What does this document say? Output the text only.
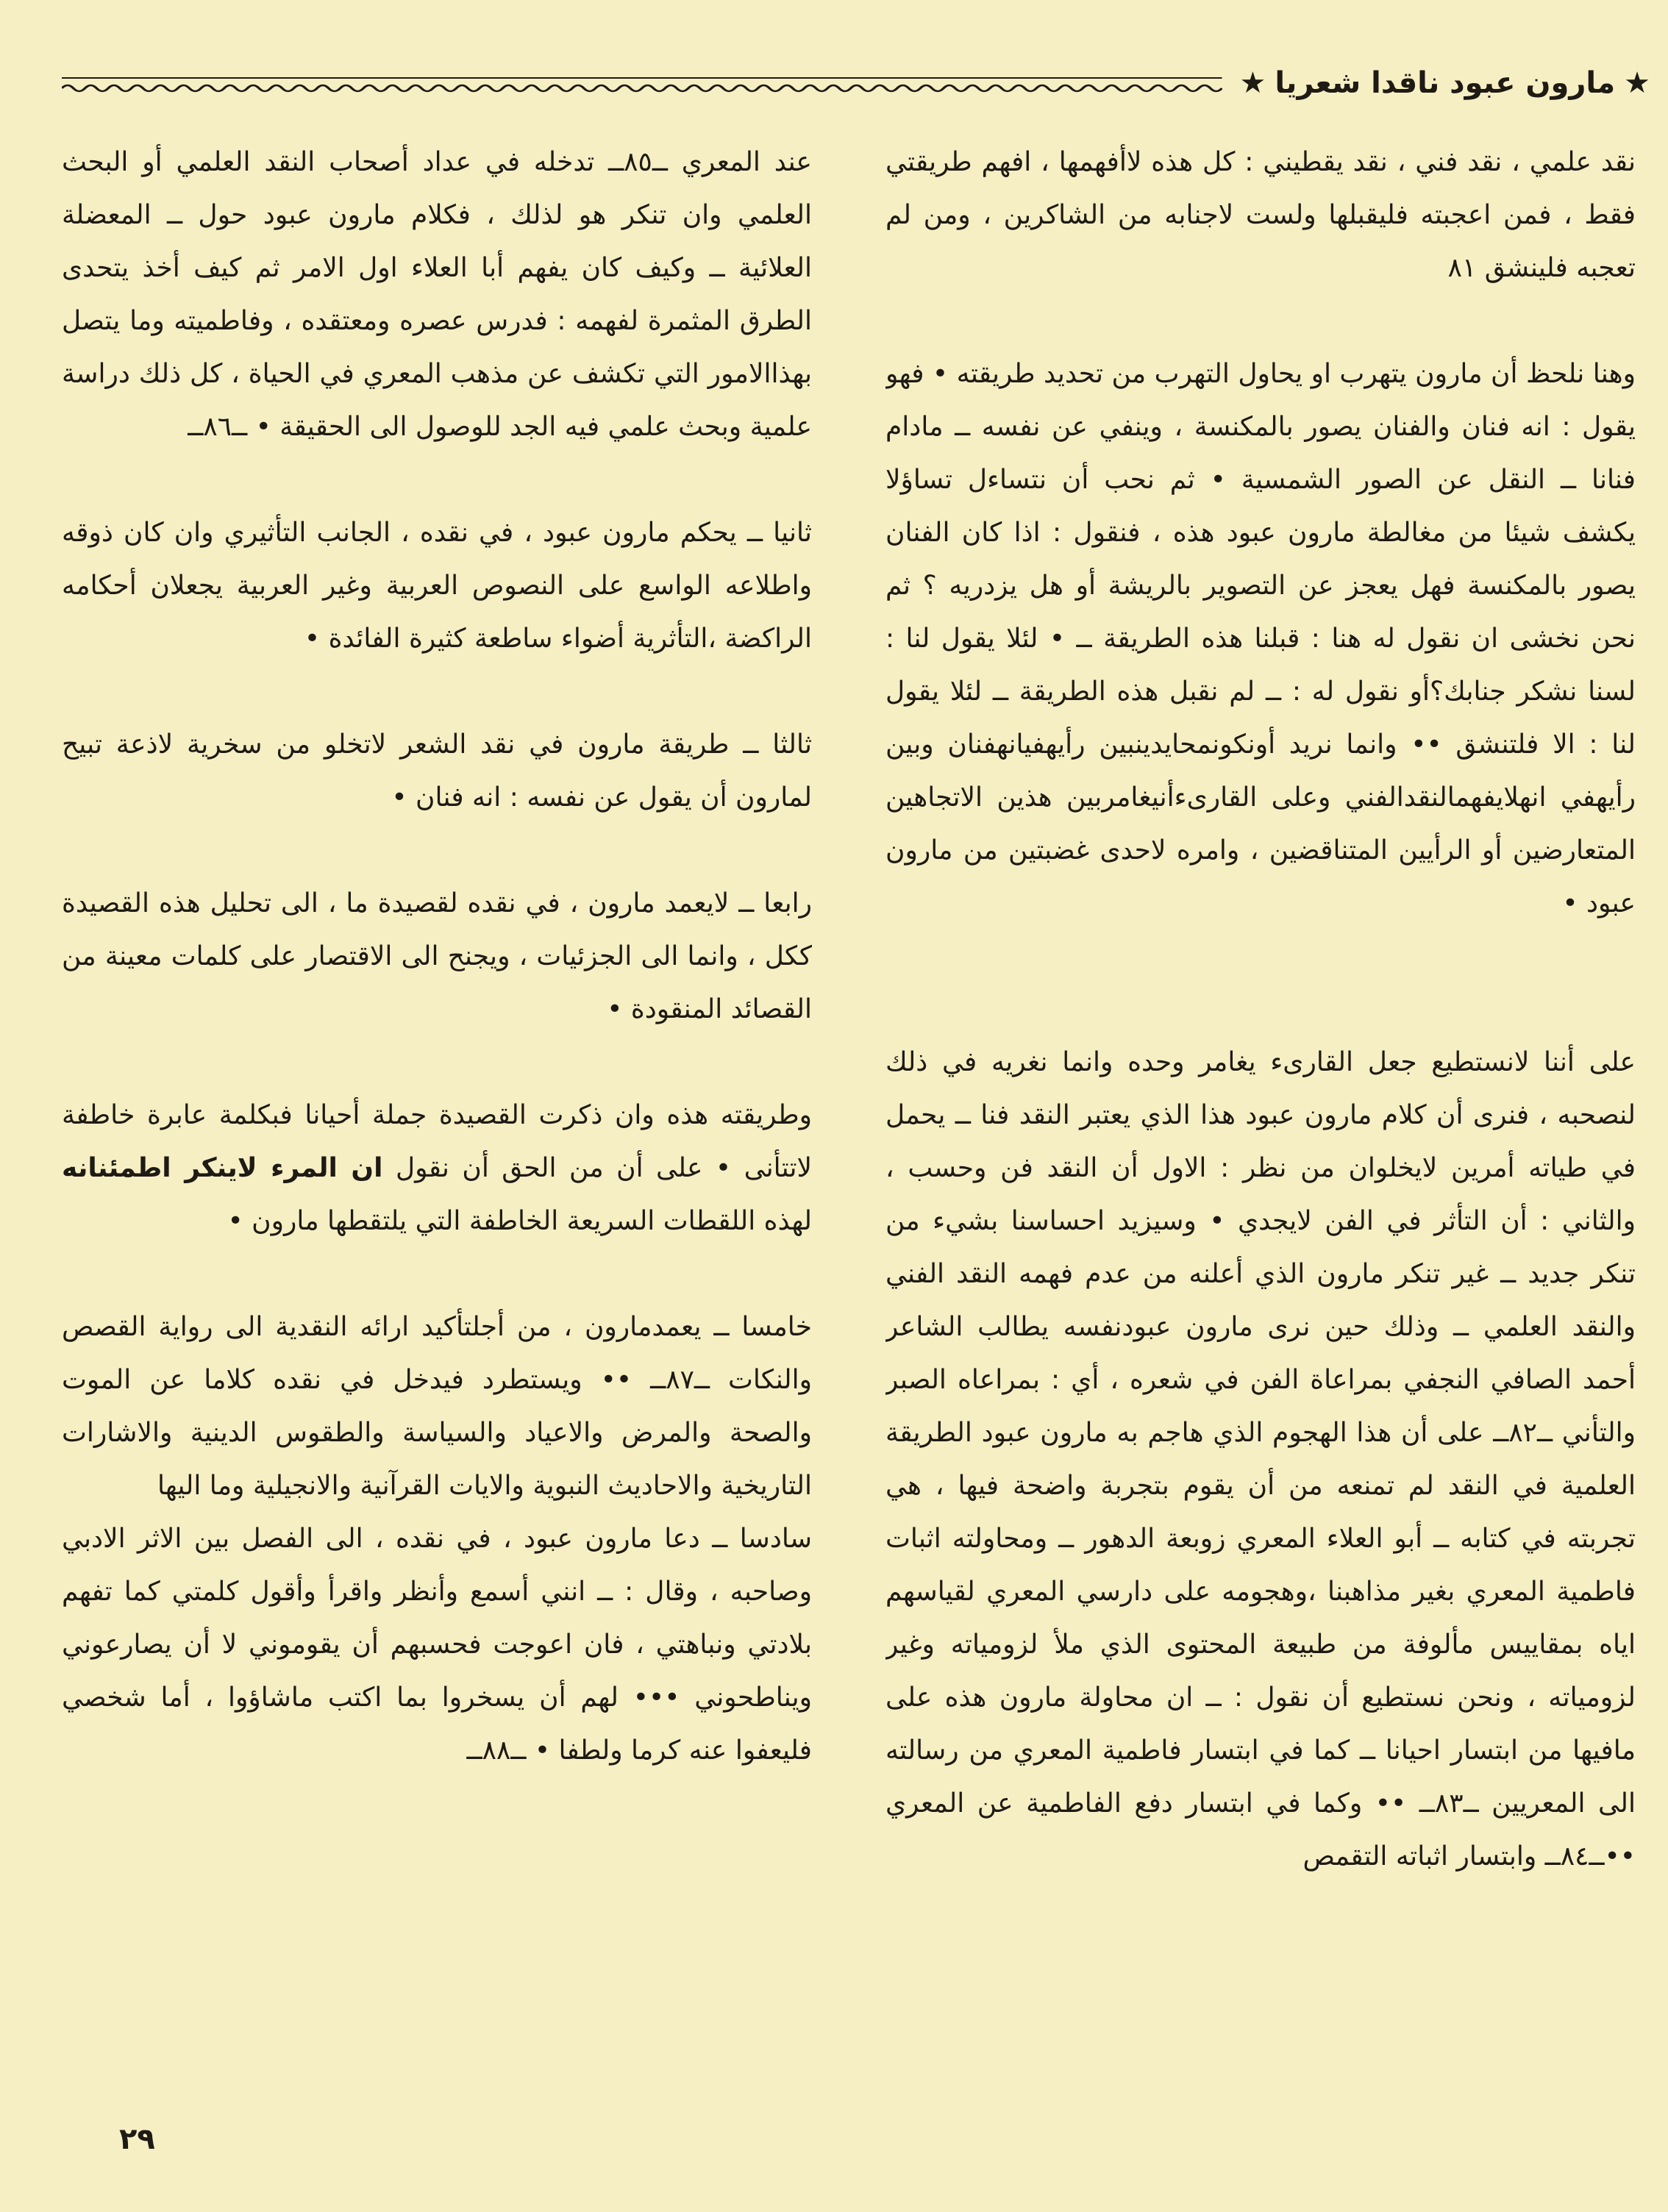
★
مارون عبود ناقدا شعريا
★

نقد علمي ، نقد فني ، نقد يقطيني : كل هذه لاأفهمها ، افهم طريقتي فقط ، فمن اعجبته فليقبلها ولست لاجنابه من الشاكرين ، ومن لم تعجبه فلينشق ٨١

وهنا نلحظ أن مارون يتهرب او يحاول التهرب من تحديد طريقته • فهو يقول : انه فنان والفنان يصور بالمكنسة ، وينفي عن نفسه ــ مادام فنانا ــ النقل عن الصور الشمسية • ثم نحب أن نتساءل تساؤلا يكشف شيئا من مغالطة مارون عبود هذه ، فنقول : اذا كان الفنان يصور بالمكنسة فهل يعجز عن التصوير بالريشة أو هل يزدريه ؟ ثم نحن نخشى ان نقول له هنا : قبلنا هذه الطريقة ــ • لئلا يقول لنا : لسنا نشكر جنابك؟أو نقول له : ــ لم نقبل هذه الطريقة ــ لئلا يقول لنا : الا فلتنشق •• وانما نريد أونكونمحايدينبين رأيهفيانهفنان وبين رأيهفي انهلايفهمالنقدالفني وعلى القارىءأنيغامربين هذين الاتجاهين المتعارضين أو الرأيين المتناقضين ، وامره لاحدى غضبتين من مارون عبود •

على أننا لانستطيع جعل القارىء يغامر وحده وانما نغريه في ذلك لنصحبه ، فنرى أن كلام مارون عبود هذا الذي يعتبر النقد فنا ــ يحمل في طياته أمرين لايخلوان من نظر : الاول أن النقد فن وحسب ، والثاني : أن التأثر في الفن لايجدي • وسيزيد احساسنا بشيء من تنكر جديد ــ غير تنكر مارون الذي أعلنه من عدم فهمه النقد الفني والنقد العلمي ــ وذلك حين نرى مارون عبودنفسه يطالب الشاعر أحمد الصافي النجفي بمراعاة الفن في شعره ، أي : بمراعاه الصبر والتأني ــ٨٢ــ على أن هذا الهجوم الذي هاجم به مارون عبود الطريقة العلمية في النقد لم تمنعه من أن يقوم بتجربة واضحة فيها ، هي تجربته في كتابه ــ أبو العلاء المعري زوبعة الدهور ــ ومحاولته اثبات فاطمية المعري بغير مذاهبنا ،وهجومه على دارسي المعري لقياسهم اياه بمقاييس مألوفة من طبيعة المحتوى الذي ملأ لزومياته وغير لزومياته ، ونحن نستطيع أن نقول : ــ ان محاولة مارون هذه على مافيها من ابتسار احيانا ــ كما في ابتسار فاطمية المعري من رسالته الى المعريين ــ٨٣ــ •• وكما في ابتسار دفع الفاطمية عن المعري ••ــ٨٤ــ وابتسار اثباته التقمص

عند المعري ــ٨٥ــ تدخله في عداد أصحاب النقد العلمي أو البحث العلمي وان تنكر هو لذلك ، فكلام مارون عبود حول ــ المعضلة العلائية ــ وكيف كان يفهم أبا العلاء اول الامر ثم كيف أخذ يتحدى الطرق المثمرة لفهمه : فدرس عصره ومعتقده ، وفاطميته وما يتصل بهذاالامور التي تكشف عن مذهب المعري في الحياة ، كل ذلك دراسة علمية وبحث علمي فيه الجد للوصول الى الحقيقة • ــ٨٦ــ

ثانيا ــ يحكم مارون عبود ، في نقده ، الجانب التأثيري وان كان ذوقه واطلاعه الواسع على النصوص العربية وغير العربية يجعلان أحكامه الراكضة ،التأثرية أضواء ساطعة كثيرة الفائدة •

ثالثا ــ طريقة مارون في نقد الشعر لاتخلو من سخرية لاذعة تبيح لمارون أن يقول عن نفسه : انه فنان •

رابعا ــ لايعمد مارون ، في نقده لقصيدة ما ، الى تحليل هذه القصيدة ككل ، وانما الى الجزئيات ، ويجنح الى الاقتصار على كلمات معينة من القصائد المنقودة •

وطريقته هذه وان ذكرت القصيدة جملة أحيانا فبكلمة عابرة خاطفة لاتتأنى • على أن من الحق أن نقول ان المرء لاينكر اطمئنانه لهذه اللقطات السريعة الخاطفة التي يلتقطها مارون •

خامسا ــ يعمدمارون ، من أجلتأكيد ارائه النقدية الى رواية القصص والنكات ــ٨٧ــ •• ويستطرد فيدخل في نقده كلاما عن الموت والصحة والمرض والاعياد والسياسة والطقوس الدينية والاشارات التاريخية والاحاديث النبوية والايات القرآنية والانجيلية وما اليها

سادسا ــ دعا مارون عبود ، في نقده ، الى الفصل بين الاثر الادبي وصاحبه ، وقال : ــ انني أسمع وأنظر واقرأ وأقول كلمتي كما تفهم بلادتي ونباهتي ، فان اعوجت فحسبهم أن يقوموني لا أن يصارعوني ويناطحوني ••• لهم أن يسخروا بما اكتب ماشاؤوا ، أما شخصي فليعفوا عنه كرما ولطفا • ــ٨٨ــ

٢٩
